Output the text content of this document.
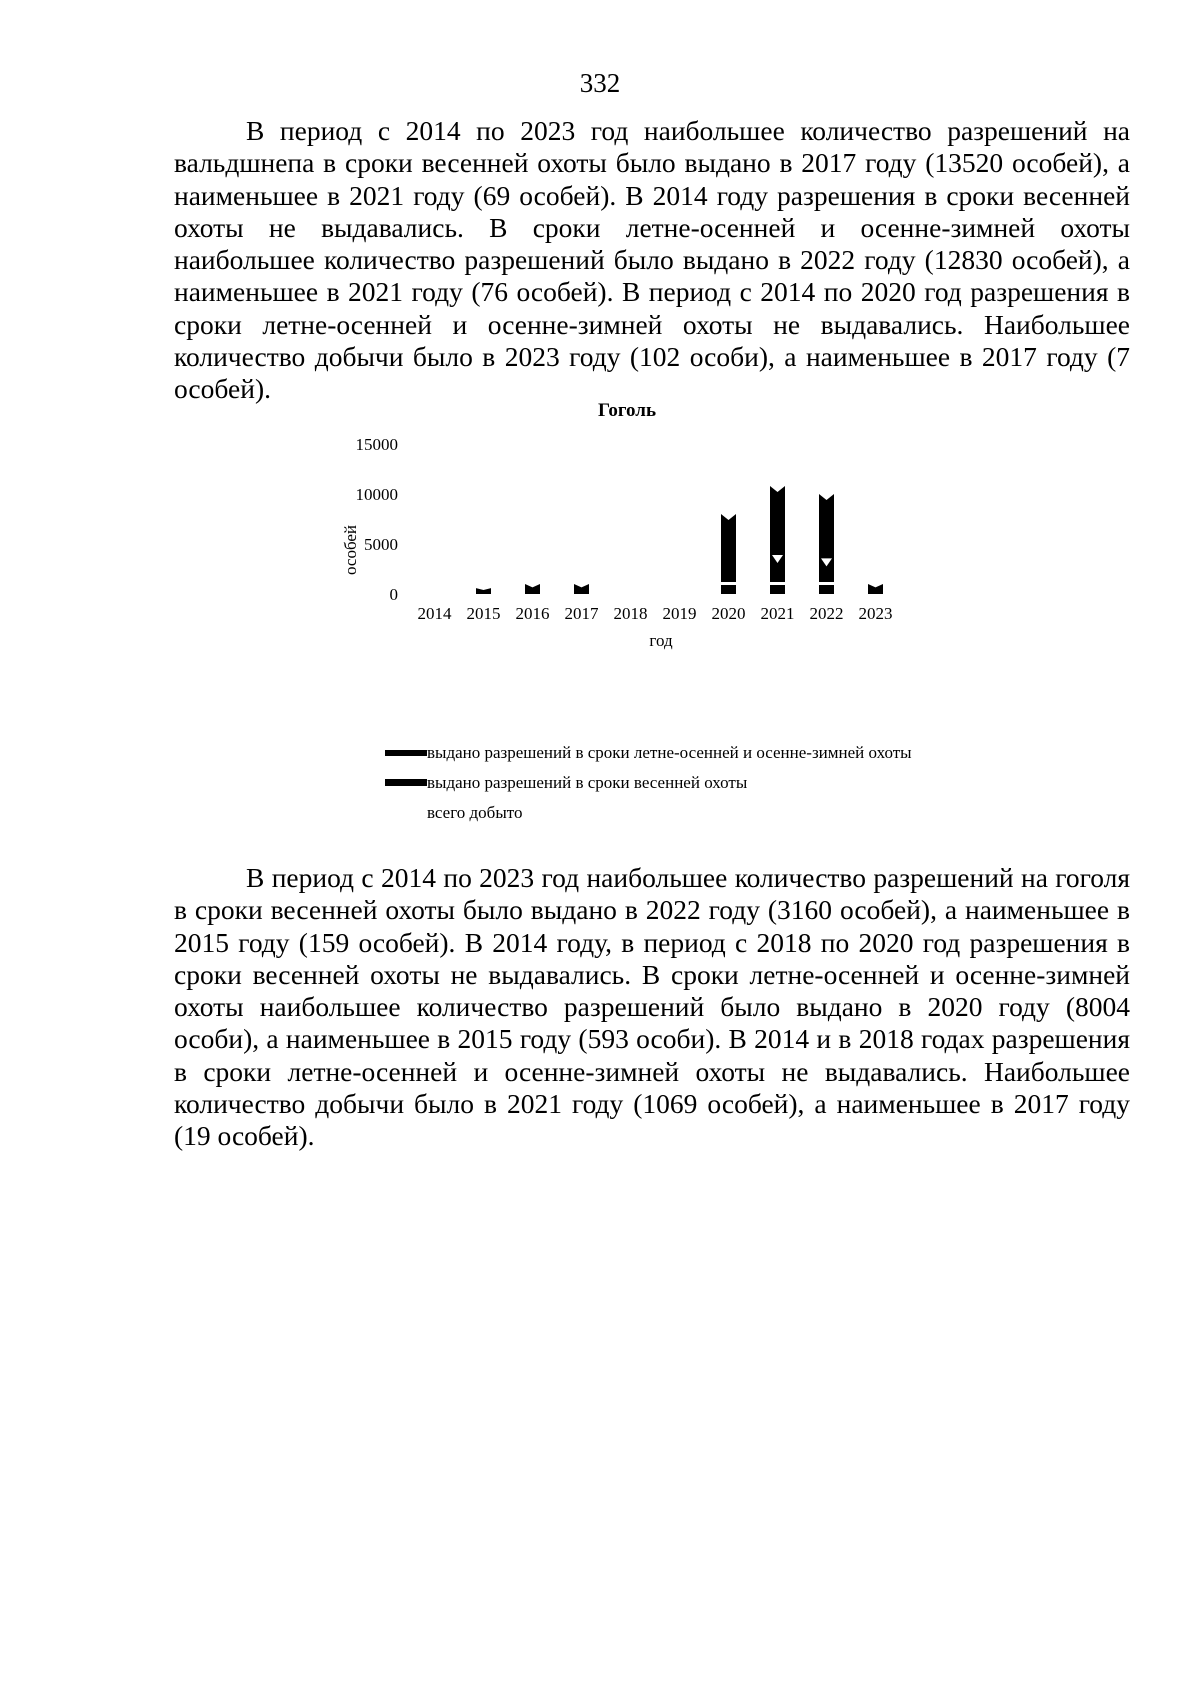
332

В период с 2014 по 2023 год наибольшее количество разрешений на вальдшнепа в сроки весенней охоты было выдано в 2017 году (13520 особей), а наименьшее в 2021 году (69 особей). В 2014 году разрешения в сроки весенней охоты не выдавались. В сроки летне-осенней и осенне-зимней охоты наибольшее количество разрешений было выдано в 2022 году (12830 особей), а наименьшее в 2021 году (76 особей). В период с 2014 по 2020 год разрешения в сроки летне-осенней и осенне-зимней охоты не выдавались. Наибольшее количество добычи было в 2023 году (102 особи), а наименьшее в 2017 году (7 особей).

Гоголь
особей
год
0
5000
10000
15000
2014 2015 2016 2017 2018 2019 2020 2021 2022 2023
выдано разрешений в сроки летне-осенней и осенне-зимней охоты
выдано разрешений в сроки весенней охоты
всего добыто

В период с 2014 по 2023 год наибольшее количество разрешений на гоголя в сроки весенней охоты было выдано в 2022 году (3160 особей), а наименьшее в 2015 году (159 особей). В 2014 году, в период с 2018 по 2020 год разрешения в сроки весенней охоты не выдавались. В сроки летне-осенней и осенне-зимней охоты наибольшее количество разрешений было выдано в 2020 году (8004 особи), а наименьшее в 2015 году (593 особи). В 2014 и в 2018 годах разрешения в сроки летне-осенней и осенне-зимней охоты не выдавались. Наибольшее количество добычи было в 2021 году (1069 особей), а наименьшее в 2017 году (19 особей).
